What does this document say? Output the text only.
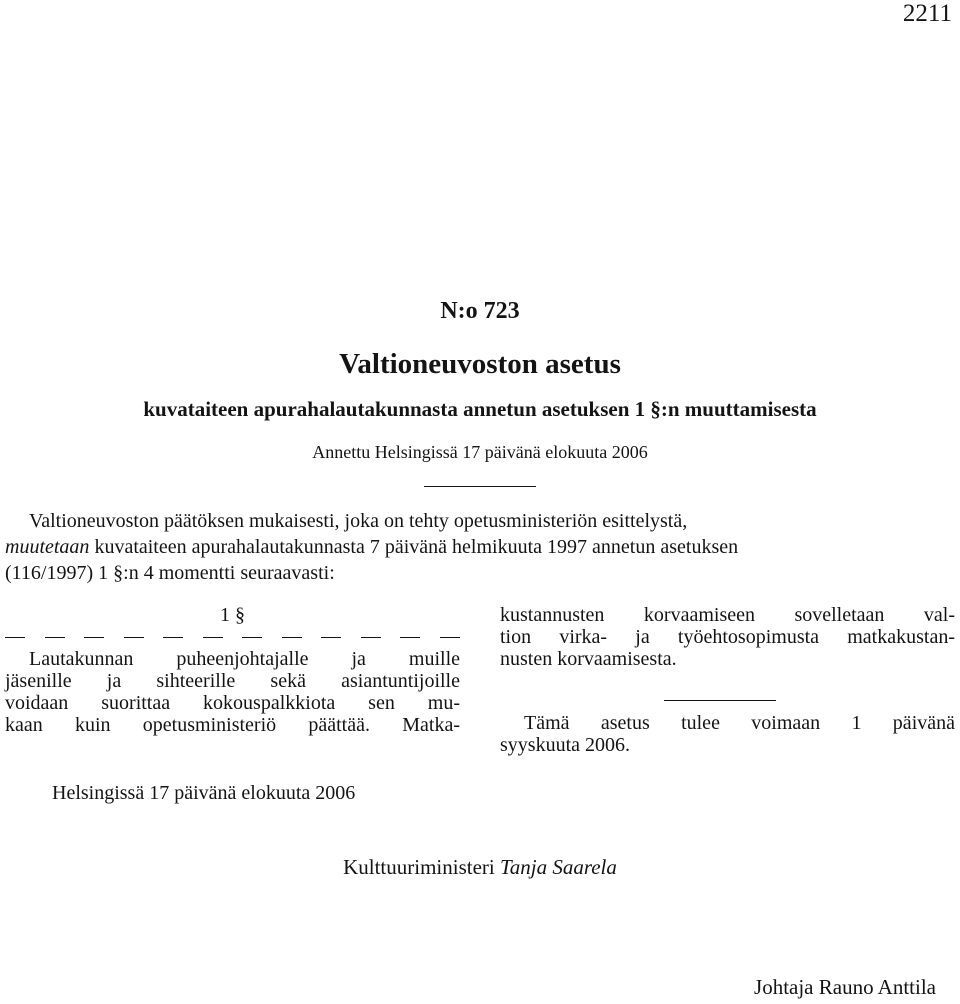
2211
N:o 723
Valtioneuvoston asetus
kuvataiteen apurahalautakunnasta annetun asetuksen 1 §:n muuttamisesta
Annettu Helsingissä 17 päivänä elokuuta 2006
Valtioneuvoston päätöksen mukaisesti, joka on tehty opetusministeriön esittelystä,
muutetaan kuvataiteen apurahalautakunnasta 7 päivänä helmikuuta 1997 annetun asetuksen
(116/1997) 1 §:n 4 momentti seuraavasti:
1 §
Lautakunnan puheenjohtajalle ja muille
jäsenille ja sihteerille sekä asiantuntijoille
voidaan suorittaa kokouspalkkiota sen mu-
kaan kuin opetusministeriö päättää. Matka-
kustannusten korvaamiseen sovelletaan val-
tion virka- ja työehtosopimusta matkakustan-
nusten korvaamisesta.
Tämä asetus tulee voimaan 1 päivänä
syyskuuta 2006.
Helsingissä 17 päivänä elokuuta 2006
Kulttuuriministeri Tanja Saarela
Johtaja Rauno Anttila
